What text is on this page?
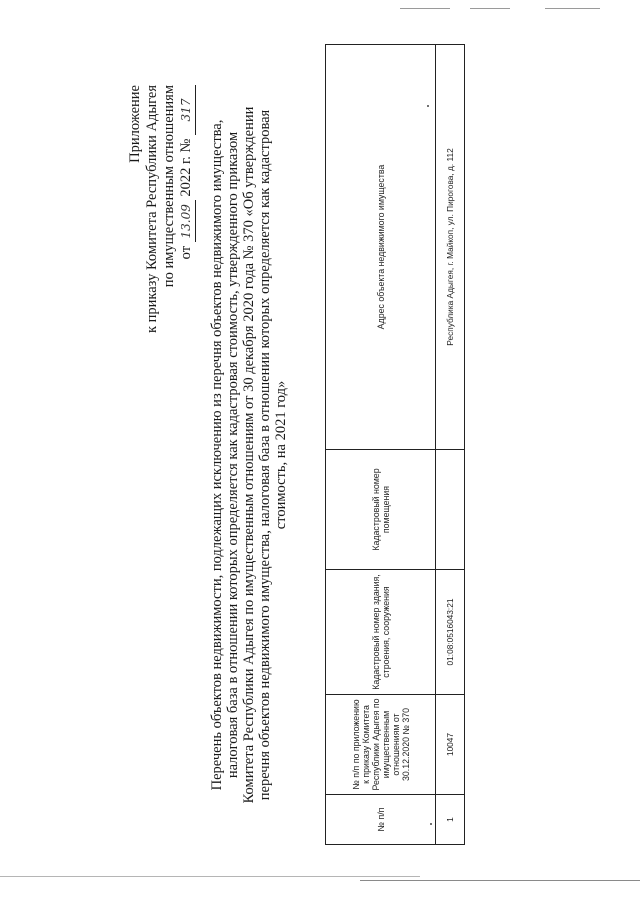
Приложение к приказу Комитета Республики Адыгея по имущественным отношениям от 13.09 2022 г. № 317
Перечень объектов недвижимости, подлежащих исключению из перечня объектов недвижимого имущества, налоговая база в отношении которых определяется как кадастровая стоимость, утвержденного приказом Комитета Республики Адыгея по имущественным отношениям от 30 декабря 2020 года № 370 «Об утверждении перечня объектов недвижимого имущества, налоговая база в отношении которых определяется как кадастровая стоимость, на 2021 год»
№ п/п	№ п/п по приложению к приказу Комитета Республики Адыгея по имущественным отношениям от 30.12.2020 № 370	Кадастровый номер здания, строения, сооружения	Кадастровый номер помещения	Адрес объекта недвижимого имущества
1	10047	01:08:0516043:21		Республика Адыгея, г. Майкоп, ул. Пирогова, д. 112
